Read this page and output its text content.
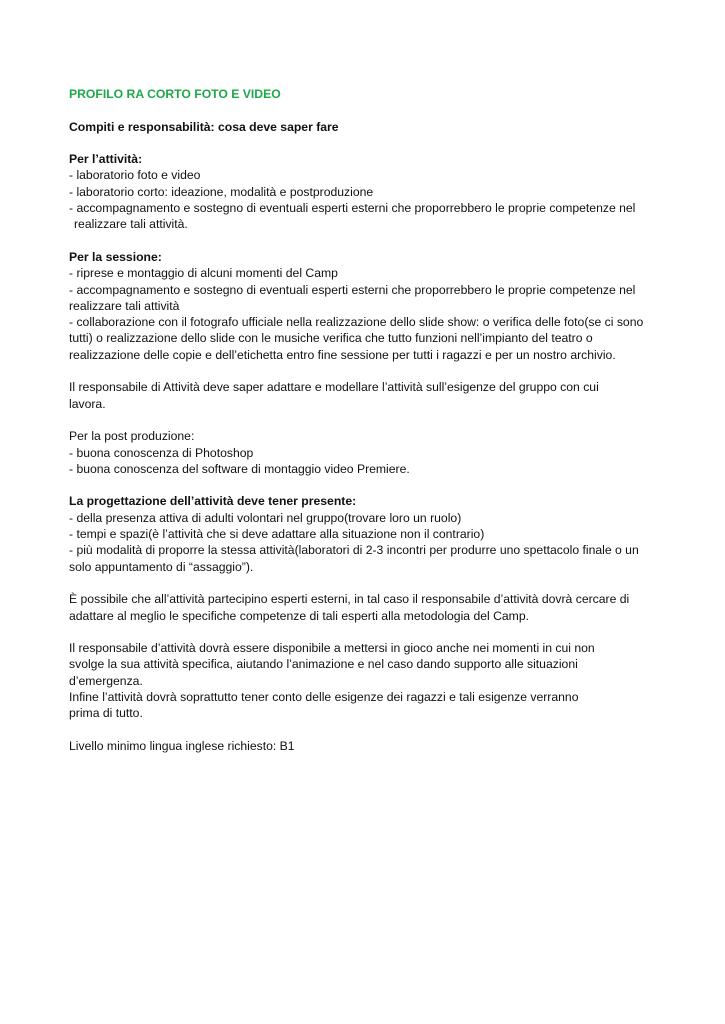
PROFILO RA CORTO FOTO E VIDEO
Compiti e responsabilità: cosa deve saper fare
Per l’attività:
- laboratorio foto e video
- laboratorio corto: ideazione, modalità e postproduzione
- accompagnamento e sostegno di eventuali esperti esterni che proporrebbero le proprie competenze nel
realizzare tali attività.
Per la sessione:
- riprese e montaggio di alcuni momenti del Camp
- accompagnamento e sostegno di eventuali esperti esterni che proporrebbero le proprie competenze nel
realizzare tali attività
- collaborazione con il fotografo ufficiale nella realizzazione dello slide show: o verifica delle foto(se ci sono
tutti) o realizzazione dello slide con le musiche verifica che tutto funzioni nell’impianto del teatro o
realizzazione delle copie e dell’etichetta entro fine sessione per tutti i ragazzi e per un nostro archivio.
Il responsabile di Attività deve saper adattare e modellare l’attività sull’esigenze del gruppo con cui
lavora.
Per la post produzione:
- buona conoscenza di Photoshop
- buona conoscenza del software di montaggio video Premiere.
La progettazione dell’attività deve tener presente:
- della presenza attiva di adulti volontari nel gruppo(trovare loro un ruolo)
- tempi e spazi(è l’attività che si deve adattare alla situazione non il contrario)
- più modalità di proporre la stessa attività(laboratori di 2-3 incontri per produrre uno spettacolo finale o un
solo appuntamento di “assaggio”).
È possibile che all’attività partecipino esperti esterni, in tal caso il responsabile d’attività dovrà cercare di
adattare al meglio le specifiche competenze di tali esperti alla metodologia del Camp.
Il responsabile d’attività dovrà essere disponibile a mettersi in gioco anche nei momenti in cui non
svolge la sua attività specifica, aiutando l’animazione e nel caso dando supporto alle situazioni
d’emergenza.
Infine l’attività dovrà soprattutto tener conto delle esigenze dei ragazzi e tali esigenze verranno
prima di tutto.
Livello minimo lingua inglese richiesto: B1
